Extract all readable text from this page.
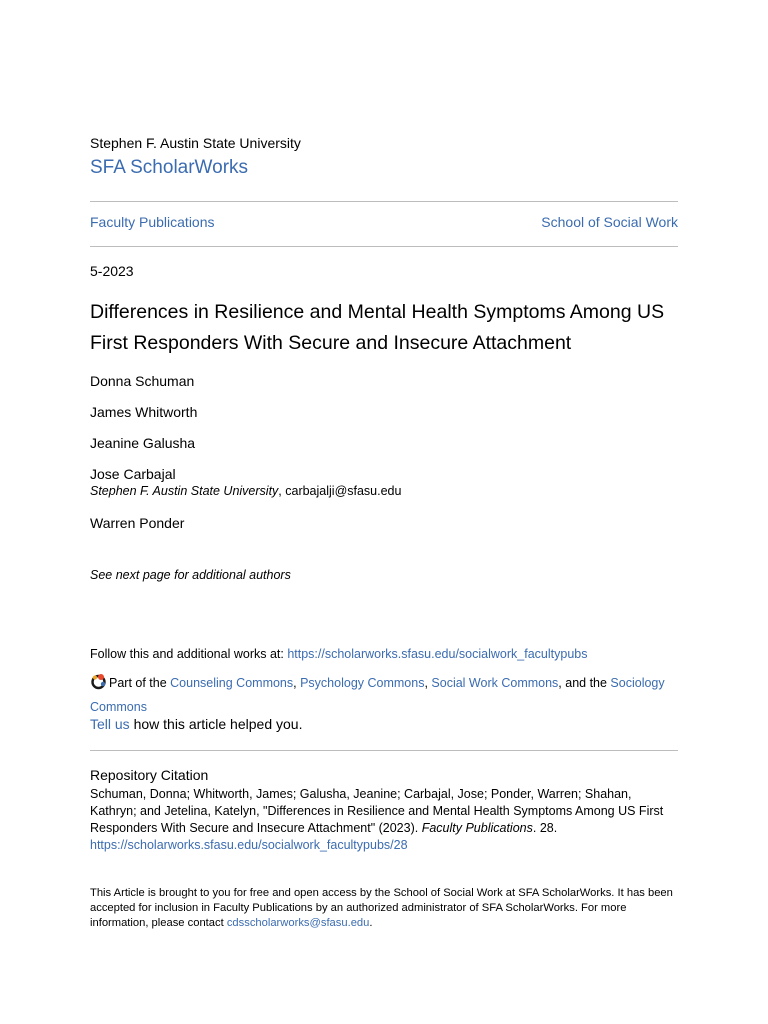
Stephen F. Austin State University
SFA ScholarWorks
Faculty Publications	School of Social Work
5-2023
Differences in Resilience and Mental Health Symptoms Among US First Responders With Secure and Insecure Attachment
Donna Schuman
James Whitworth
Jeanine Galusha
Jose Carbajal
Stephen F. Austin State University, carbajalji@sfasu.edu
Warren Ponder
See next page for additional authors
Follow this and additional works at: https://scholarworks.sfasu.edu/socialwork_facultypubs
Part of the Counseling Commons, Psychology Commons, Social Work Commons, and the Sociology Commons
Tell us how this article helped you.
Repository Citation
Schuman, Donna; Whitworth, James; Galusha, Jeanine; Carbajal, Jose; Ponder, Warren; Shahan, Kathryn; and Jetelina, Katelyn, "Differences in Resilience and Mental Health Symptoms Among US First Responders With Secure and Insecure Attachment" (2023). Faculty Publications. 28.
https://scholarworks.sfasu.edu/socialwork_facultypubs/28
This Article is brought to you for free and open access by the School of Social Work at SFA ScholarWorks. It has been accepted for inclusion in Faculty Publications by an authorized administrator of SFA ScholarWorks. For more information, please contact cdsscholarworks@sfasu.edu.
